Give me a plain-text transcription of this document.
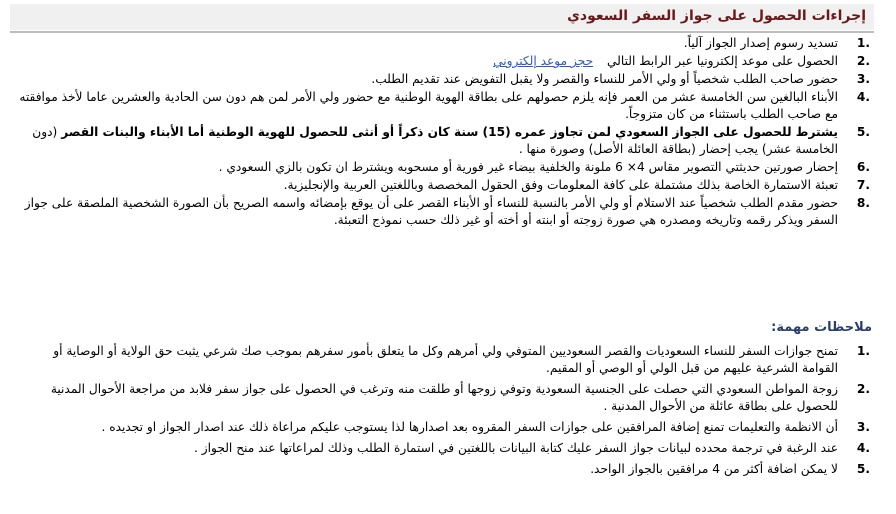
إجراءات الحصول على جواز السفر السعودي
1.
تسديد رسوم إصدار الجواز آلياً.
2.
الحصول على موعد إلكترونيا عبر الرابط التالي حجز موعد إلكتروني
3.
حضور صاحب الطلب شخصياً أو ولي الأمر للنساء والقصر ولا يقبل التفويض عند تقديم الطلب.
4.
الأبناء البالغين سن الخامسة عشر من العمر فإنه يلزم حصولهم على بطاقة الهوية الوطنية مع حضور ولي الأمر لمن هم دون سن الحادية والعشرين عاما لأخذ موافقته مع صاحب الطلب باستثناء من كان متزوجاً.
5.
يشترط للحصول على الجواز السعودي لمن تجاوز عمره (15) سنة كان ذكراً أو أنثى للحصول للهوية الوطنية أما الأبناء والبنات القصر (دون الخامسة عشر) يجب إحضار (بطاقة العائلة الأصل) وصورة منها .
6.
إحضار صورتين حديثتي التصوير مقاس 4× 6 ملونة والخلفية بيضاء غير فورية أو مسحوبه ويشترط ان تكون بالزي السعودي .
7.
تعبئة الاستمارة الخاصة بذلك مشتملة على كافة المعلومات وفق الحقول المخصصة وباللغتين العربية والإنجليزية.
8.
حضور مقدم الطلب شخصياً عند الاستلام أو ولي الأمر بالنسبة للنساء أو الأبناء القصر على أن يوقع بإمضائه واسمه الصريح بأن الصورة الشخصية الملصقة على جواز السفر ويذكر رقمه وتاريخه ومصدره هي صورة زوجته أو ابنته أو أخته أو غير ذلك حسب نموذج التعبئة.
ملاحظات مهمة:
1.
تمنح جوازات السفر للنساء السعوديات والقصر السعوديين المتوفي ولي أمرهم وكل ما يتعلق بأمور سفرهم بموجب صك شرعي يثبت حق الولاية أو الوصاية أو القوامة الشرعية عليهم من قبل الولي أو الوصي أو المقيم.
2.
زوجة المواطن السعودي التي حصلت على الجنسية السعودية وتوفي زوجها أو طلقت منه وترغب في الحصول على جواز سفر فلابد من مراجعة الأحوال المدنية للحصول على بطاقة عائلة من الأحوال المدنية .
3.
أن الانظمة والتعليمات تمنع إضافة المرافقين على جوازات السفر المقروه بعد اصدارها لذا يستوجب عليكم مراعاة ذلك عند اصدار الجواز او تجديده .
4.
عند الرغبة في ترجمة محدده لبيانات جواز السفر عليك كتابة البيانات باللغتين في استمارة الطلب وذلك لمراعاتها عند منح الجواز .
5.
لا يمكن اضافة أكثر من 4 مرافقين بالجواز الواحد.
